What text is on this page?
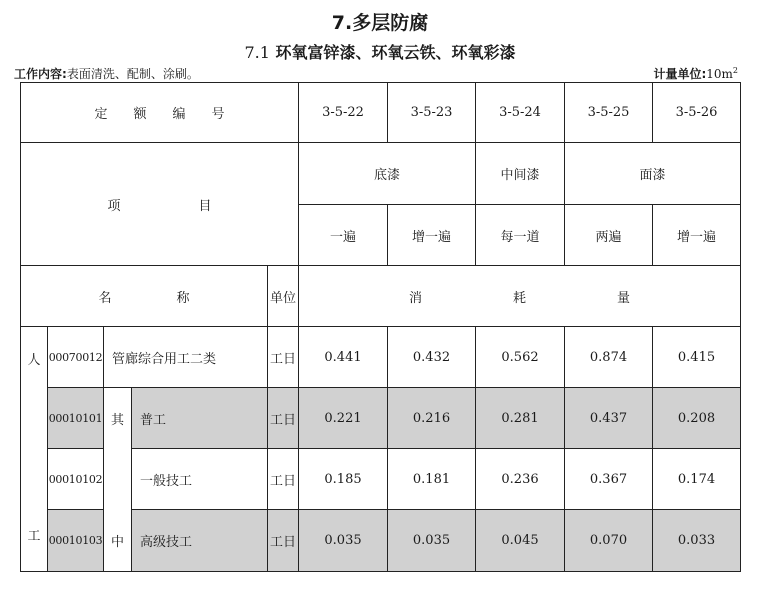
7.多层防腐
7.1 环氧富锌漆、环氧云铁、环氧彩漆
工作内容:表面清洗、配制、涂刷。	计量单位$:10m^2$
定　　额　　编　　号					3-5-22	3-5-23	3-5-24	3-5-25	3-5-26
项　　　　　　目					底漆		中间漆	面漆	
					一遍	增一遍	每一道	两遍	增一遍
名　　　　　称				单位	消　　　　　　　耗　　　　　　　量				
人	00070012	管廊综合用工二类		工日	0.441	0.432	0.562	0.874	0.415
	00010101	其	普工	工日	0.221	0.216	0.281	0.437	0.208
	00010102		一般技工	工日	0.185	0.181	0.236	0.367	0.174
工	00010103	中	高级技工	工日	0.035	0.035	0.045	0.070	0.033
